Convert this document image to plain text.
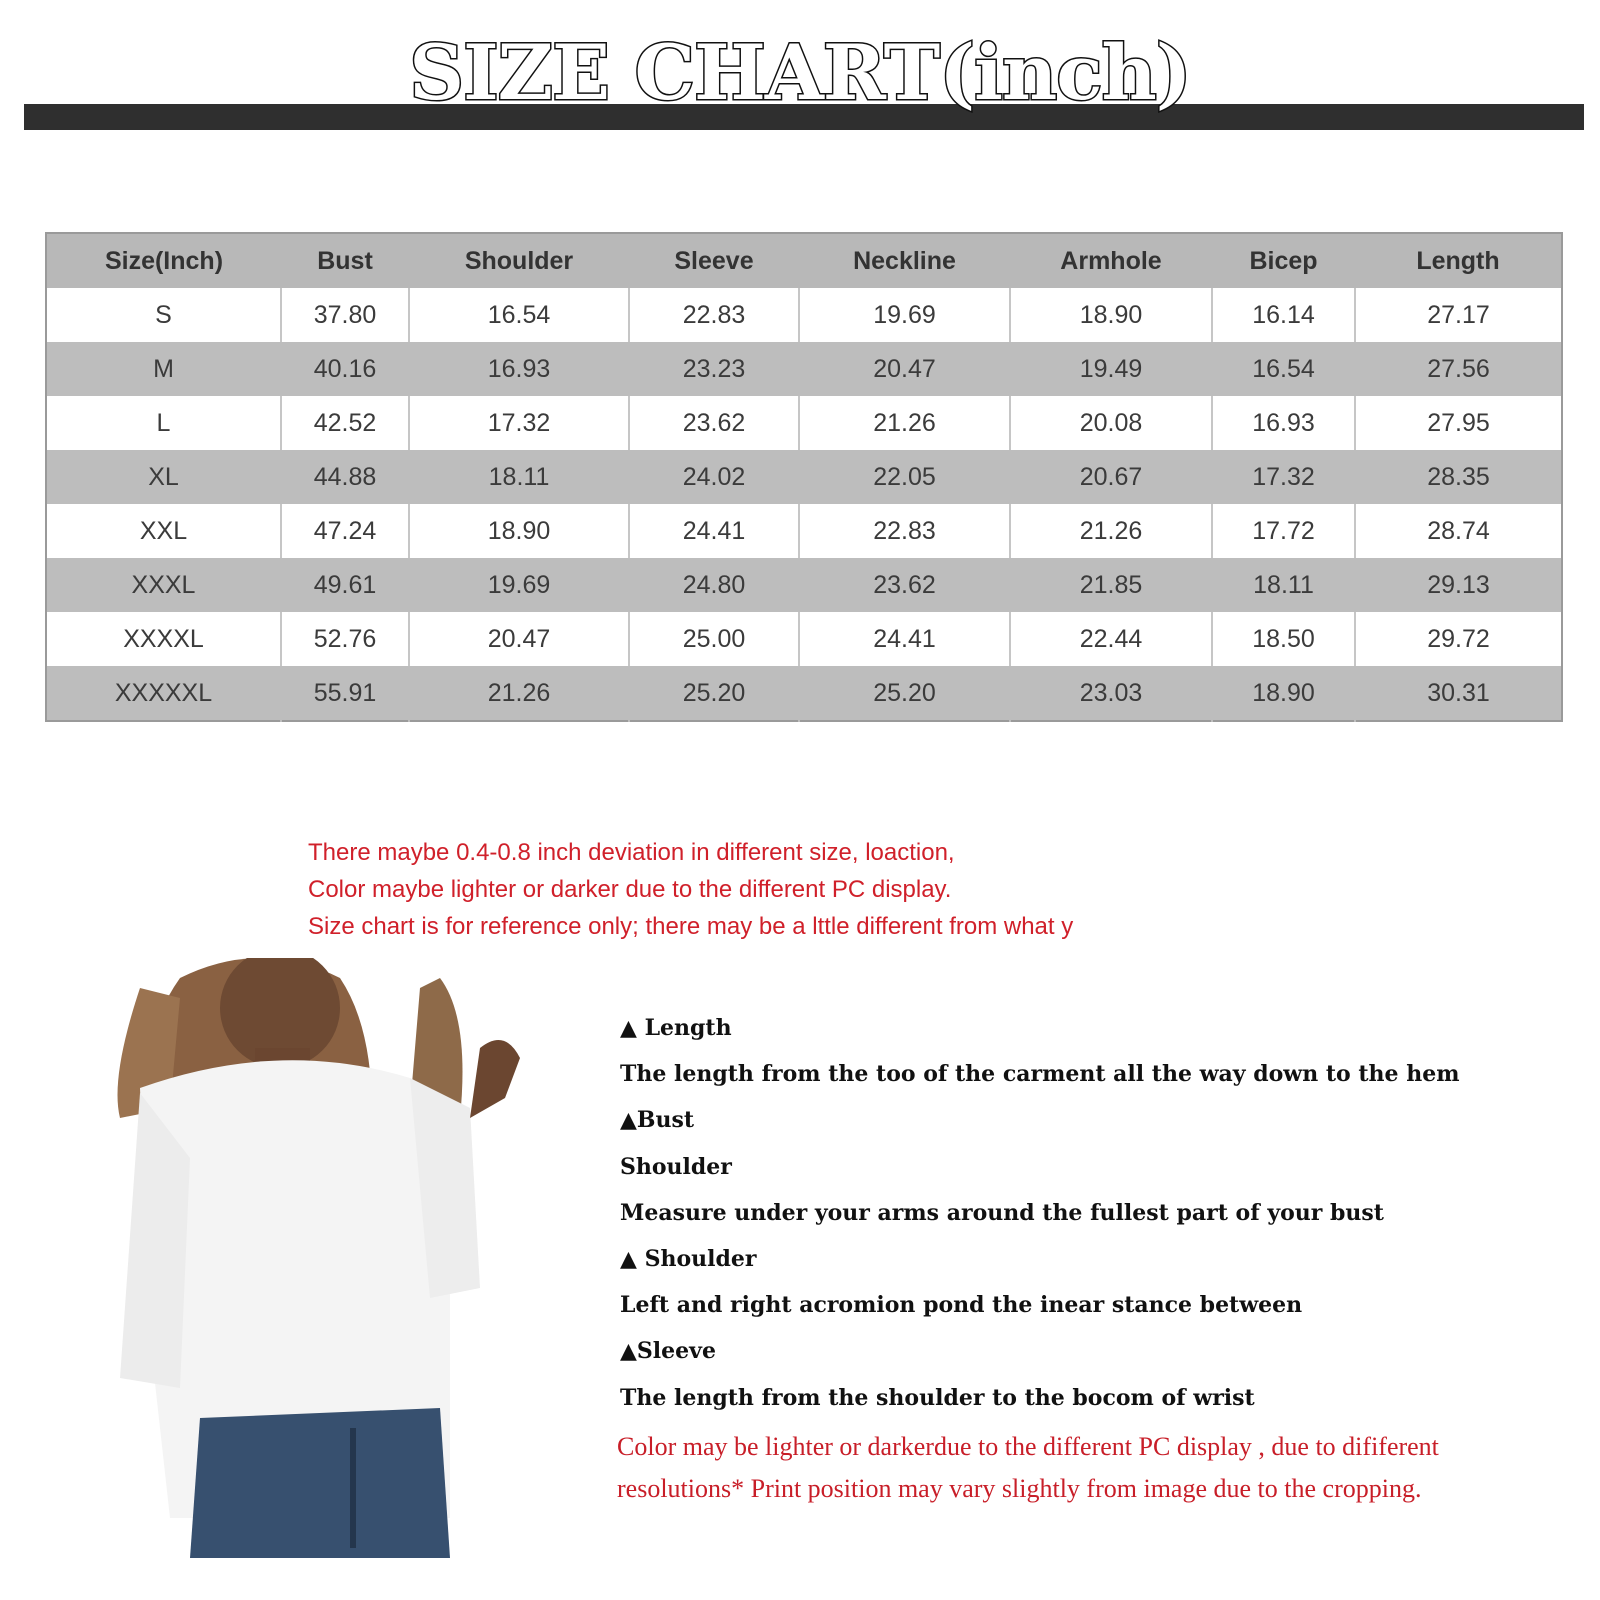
SIZE CHART(inch)
Size(Inch)	Bust	Shoulder	Sleeve	Neckline	Armhole	Bicep	Length
S	37.80	16.54	22.83	19.69	18.90	16.14	27.17
M	40.16	16.93	23.23	20.47	19.49	16.54	27.56
L	42.52	17.32	23.62	21.26	20.08	16.93	27.95
XL	44.88	18.11	24.02	22.05	20.67	17.32	28.35
XXL	47.24	18.90	24.41	22.83	21.26	17.72	28.74
XXXL	49.61	19.69	24.80	23.62	21.85	18.11	29.13
XXXXL	52.76	20.47	25.00	24.41	22.44	18.50	29.72
XXXXXL	55.91	21.26	25.20	25.20	23.03	18.90	30.31
There maybe 0.4-0.8 inch deviation in different size, loaction,
Color maybe lighter or darker due to the different PC display.
Size chart is for reference only; there may be a lttle different from what y
▲ Length
The length from the too of the carment all the way down to the hem
▲Bust
Shoulder
Measure under your arms around the fullest part of your bust
▲ Shoulder
Left and right acromion pond the inear stance between
▲Sleeve
The length from the shoulder to the bocom of wrist
Color may be lighter or darkerdue to the different PC display , due to dififerent
resolutions* Print position may vary slightly from image due to the cropping.
